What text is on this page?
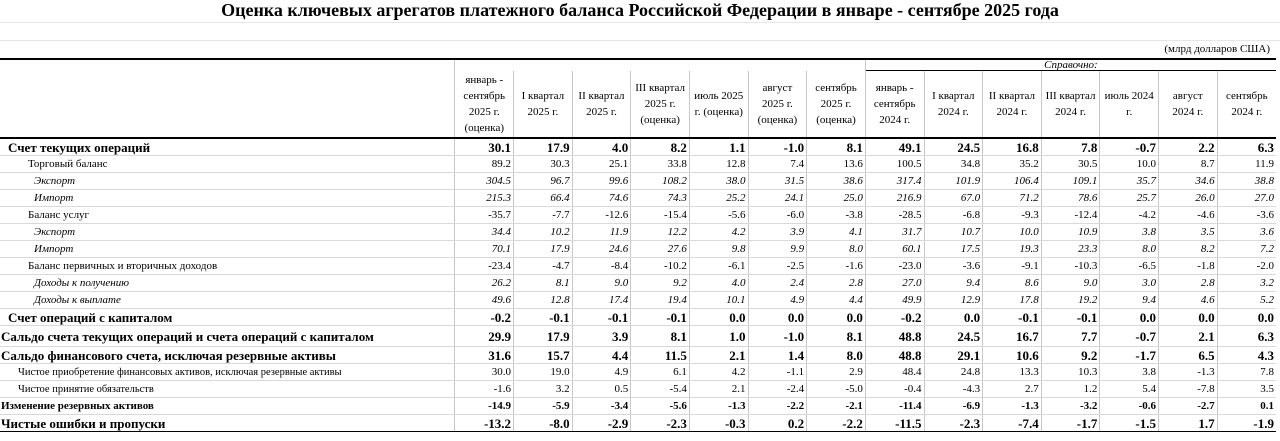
Оценка ключевых агрегатов платежного баланса Российской Федерации в январе - сентябре 2025 года
(млрд долларов США)
								Справочно:						
	январь - сентябрь 2025 г. (оценка)	I квартал 2025 г.	II квартал 2025 г.	III квартал 2025 г. (оценка)	июль 2025 г. (оценка)	август 2025 г. (оценка)	сентябрь 2025 г. (оценка)	январь - сентябрь 2024 г.	I квартал 2024 г.	II квартал 2024 г.	III квартал 2024 г.	июль 2024 г.	август 2024 г.	сентябрь 2024 г.
Счет текущих операций	30.1	17.9	4.0	8.2	1.1	-1.0	8.1	49.1	24.5	16.8	7.8	-0.7	2.2	6.3
Торговый баланс	89.2	30.3	25.1	33.8	12.8	7.4	13.6	100.5	34.8	35.2	30.5	10.0	8.7	11.9
Экспорт	304.5	96.7	99.6	108.2	38.0	31.5	38.6	317.4	101.9	106.4	109.1	35.7	34.6	38.8
Импорт	215.3	66.4	74.6	74.3	25.2	24.1	25.0	216.9	67.0	71.2	78.6	25.7	26.0	27.0
Баланс услуг	-35.7	-7.7	-12.6	-15.4	-5.6	-6.0	-3.8	-28.5	-6.8	-9.3	-12.4	-4.2	-4.6	-3.6
Экспорт	34.4	10.2	11.9	12.2	4.2	3.9	4.1	31.7	10.7	10.0	10.9	3.8	3.5	3.6
Импорт	70.1	17.9	24.6	27.6	9.8	9.9	8.0	60.1	17.5	19.3	23.3	8.0	8.2	7.2
Баланс первичных и вторичных доходов	-23.4	-4.7	-8.4	-10.2	-6.1	-2.5	-1.6	-23.0	-3.6	-9.1	-10.3	-6.5	-1.8	-2.0
Доходы к получению	26.2	8.1	9.0	9.2	4.0	2.4	2.8	27.0	9.4	8.6	9.0	3.0	2.8	3.2
Доходы к выплате	49.6	12.8	17.4	19.4	10.1	4.9	4.4	49.9	12.9	17.8	19.2	9.4	4.6	5.2
Счет операций с капиталом	-0.2	-0.1	-0.1	-0.1	0.0	0.0	0.0	-0.2	0.0	-0.1	-0.1	0.0	0.0	0.0
Сальдо счета текущих операций и счета операций с капиталом	29.9	17.9	3.9	8.1	1.0	-1.0	8.1	48.8	24.5	16.7	7.7	-0.7	2.1	6.3
Сальдо финансового счета, исключая резервные активы	31.6	15.7	4.4	11.5	2.1	1.4	8.0	48.8	29.1	10.6	9.2	-1.7	6.5	4.3
Чистое приобретение финансовых активов, исключая резервные активы	30.0	19.0	4.9	6.1	4.2	-1.1	2.9	48.4	24.8	13.3	10.3	3.8	-1.3	7.8
Чистое принятие обязательств	-1.6	3.2	0.5	-5.4	2.1	-2.4	-5.0	-0.4	-4.3	2.7	1.2	5.4	-7.8	3.5
Изменение резервных активов	-14.9	-5.9	-3.4	-5.6	-1.3	-2.2	-2.1	-11.4	-6.9	-1.3	-3.2	-0.6	-2.7	0.1
Чистые ошибки и пропуски	-13.2	-8.0	-2.9	-2.3	-0.3	0.2	-2.2	-11.5	-2.3	-7.4	-1.7	-1.5	1.7	-1.9
